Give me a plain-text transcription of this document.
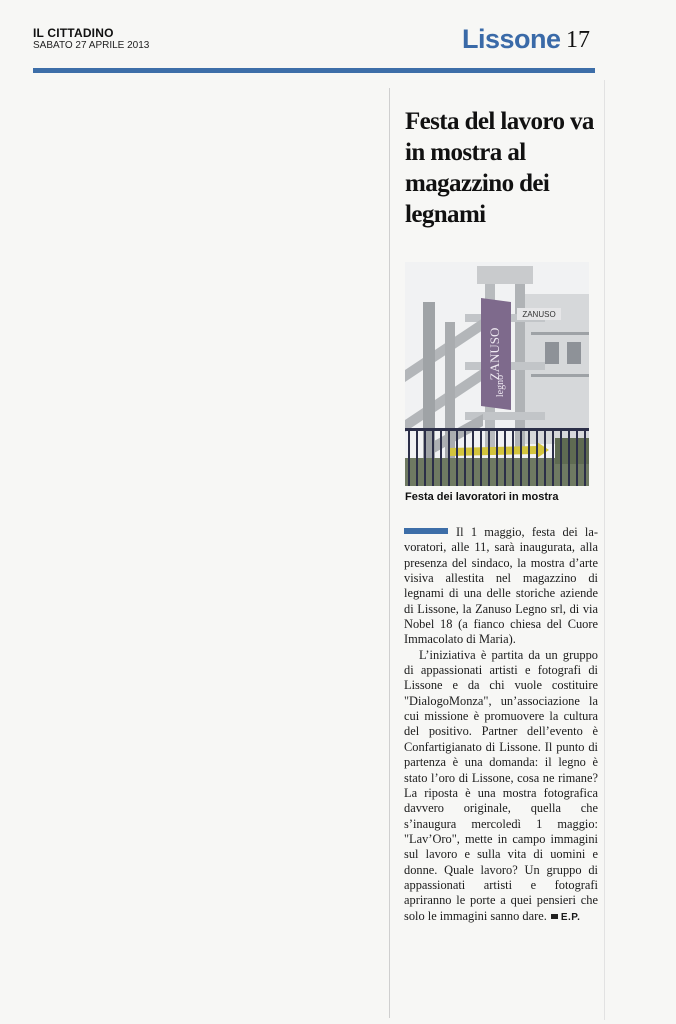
IL CITTADINO
SABATO 27 APRILE 2013	Lissone 17
Festa del lavoro va in mostra al magazzino dei legnami
ZANUSO
legno
ZANUSO
Festa dei lavoratori in mostra

Il 1 maggio, festa dei lavoratori, alle 11, sarà inaugurata, alla presenza del sindaco, la mostra d’arte visiva allestita nel magazzino di legnami di una delle storiche aziende di Lissone, la Zanuso Legno srl, di via Nobel 18 (a fianco chiesa del Cuore Immacolato di Maria).

L’iniziativa è partita da un gruppo di appassionati artisti e fotografi di Lissone e da chi vuole costituire "DialogoMonza", un’associazione la cui missione è promuovere la cultura del positivo. Partner dell’evento è Confartigianato di Lissone. Il punto di partenza è una domanda: il legno è stato l’oro di Lissone, cosa ne rimane? La riposta è una mostra fotografica davvero originale, quella che s’inaugura mercoledì 1 maggio: "Lav’Oro", mette in campo immagini sul lavoro e sulla vita di uomini e donne. Quale lavoro? Un gruppo di appassionati artisti e fotografi apriranno le porte a quei pensieri che solo le immagini sanno dare. E.P.
